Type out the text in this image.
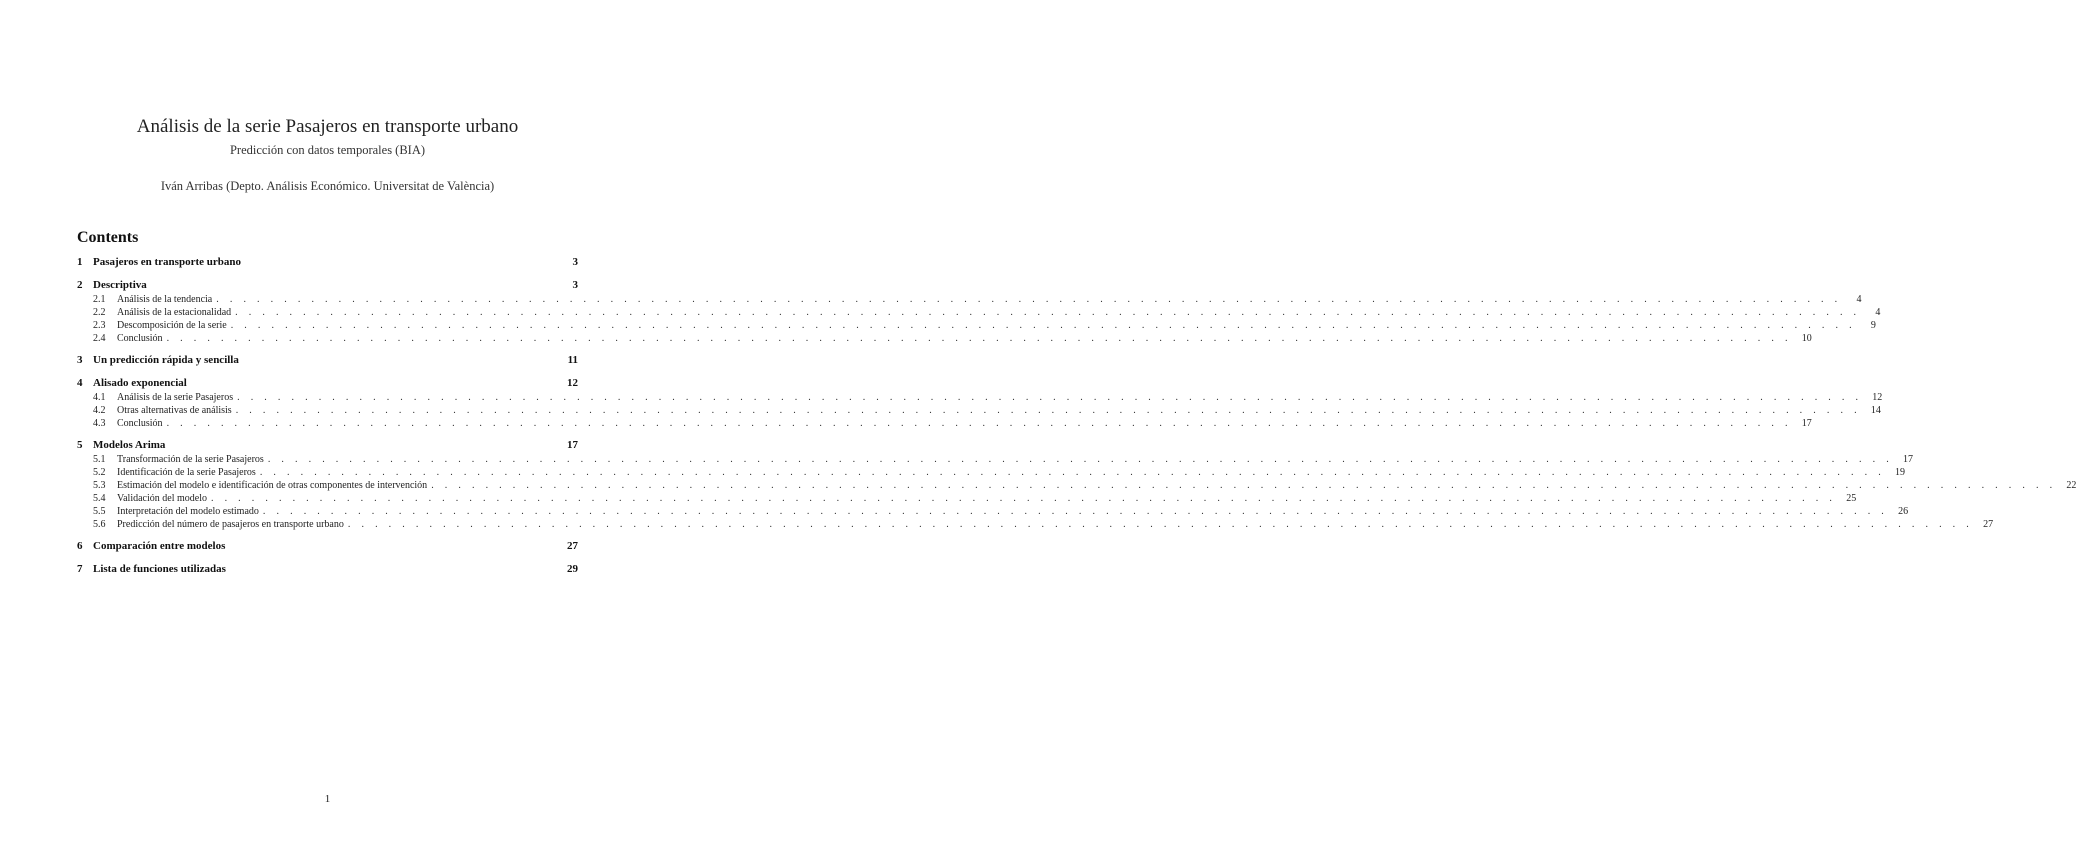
Análisis de la serie Pasajeros en transporte urbano
Predicción con datos temporales (BIA)
Iván Arribas (Depto. Análisis Económico. Universitat de València)
Contents
1 Pasajeros en transporte urbano	3
2 Descriptiva	3
2.1	Análisis de la tendencia . . . . . . . . . . . . . . . . . . . . . . . . . . . . . . . . . . . . . . . . . . . . . . . . . . . . . . . . . . . . . . . . . . . . . . . . . . . . . . . . . . . . . . . . . . . . . . . . . . . . . . . . . . . . . . . . . . . . . . . .	4
2.2	Análisis de la estacionalidad . . . . . . . . . . . . . . . . . . . . . . . . . . . . . . . . . . . . . . . . . . . . . . . . . . . . . . . . . . . . . . . . . . . . . . . . . . . . . . . . . . . . . . . . . . . . . . . . . . . . . . . . . . . . . . . . . . . . . . . .	4
2.3	Descomposición de la serie . . . . . . . . . . . . . . . . . . . . . . . . . . . . . . . . . . . . . . . . . . . . . . . . . . . . . . . . . . . . . . . . . . . . . . . . . . . . . . . . . . . . . . . . . . . . . . . . . . . . . . . . . . . . . . . . . . . . . . . .	9
2.4	Conclusión . . . . . . . . . . . . . . . . . . . . . . . . . . . . . . . . . . . . . . . . . . . . . . . . . . . . . . . . . . . . . . . . . . . . . . . . . . . . . . . . . . . . . . . . . . . . . . . . . . . . . . . . . . . . . . . . . . . . . . . .	10
3 Un predicción rápida y sencilla	11
4 Alisado exponencial	12
4.1	Análisis de la serie Pasajeros . . . . . . . . . . . . . . . . . . . . . . . . . . . . . . . . . . . . . . . . . . . . . . . . . . . . . . . . . . . . . . . . . . . . . . . . . . . . . . . . . . . . . . . . . . . . . . . . . . . . . . . . . . . . . . . . . . . . . . . .	12
4.2	Otras alternativas de análisis . . . . . . . . . . . . . . . . . . . . . . . . . . . . . . . . . . . . . . . . . . . . . . . . . . . . . . . . . . . . . . . . . . . . . . . . . . . . . . . . . . . . . . . . . . . . . . . . . . . . . . . . . . . . . . . . . . . . . . . .	14
4.3	Conclusión . . . . . . . . . . . . . . . . . . . . . . . . . . . . . . . . . . . . . . . . . . . . . . . . . . . . . . . . . . . . . . . . . . . . . . . . . . . . . . . . . . . . . . . . . . . . . . . . . . . . . . . . . . . . . . . . . . . . . . . .	17
5 Modelos Arima	17
5.1	Transformación de la serie Pasajeros . . . . . . . . . . . . . . . . . . . . . . . . . . . . . . . . . . . . . . . . . . . . . . . . . . . . . . . . . . . . . . . . . . . . . . . . . . . . . . . . . . . . . . . . . . . . . . . . . . . . . . . . . . . . . . . . . . . . . . . .	17
5.2	Identificación de la serie Pasajeros . . . . . . . . . . . . . . . . . . . . . . . . . . . . . . . . . . . . . . . . . . . . . . . . . . . . . . . . . . . . . . . . . . . . . . . . . . . . . . . . . . . . . . . . . . . . . . . . . . . . . . . . . . . . . . . . . . . . . . . .	19
5.3	Estimación del modelo e identificación de otras componentes de intervención . . . . . . . . . . . . . . . . . . . . . . . . . . . . . . . . . . . . . . . . . . . . . . . . . . . . . . . . . . . . . . . . . . . . . . . . . . . . . . . . . . . . . . . . . . . . . . . . . . . . . . . . . . . . . . . . . . . . . . . .	22
5.4	Validación del modelo . . . . . . . . . . . . . . . . . . . . . . . . . . . . . . . . . . . . . . . . . . . . . . . . . . . . . . . . . . . . . . . . . . . . . . . . . . . . . . . . . . . . . . . . . . . . . . . . . . . . . . . . . . . . . . . . . . . . . . . .	25
5.5	Interpretación del modelo estimado . . . . . . . . . . . . . . . . . . . . . . . . . . . . . . . . . . . . . . . . . . . . . . . . . . . . . . . . . . . . . . . . . . . . . . . . . . . . . . . . . . . . . . . . . . . . . . . . . . . . . . . . . . . . . . . . . . . . . . . .	26
5.6	Predicción del número de pasajeros en transporte urbano . . . . . . . . . . . . . . . . . . . . . . . . . . . . . . . . . . . . . . . . . . . . . . . . . . . . . . . . . . . . . . . . . . . . . . . . . . . . . . . . . . . . . . . . . . . . . . . . . . . . . . . . . . . . . . . . . . . . . . . .	27
6 Comparación entre modelos	27
7 Lista de funciones utilizadas	29
1
